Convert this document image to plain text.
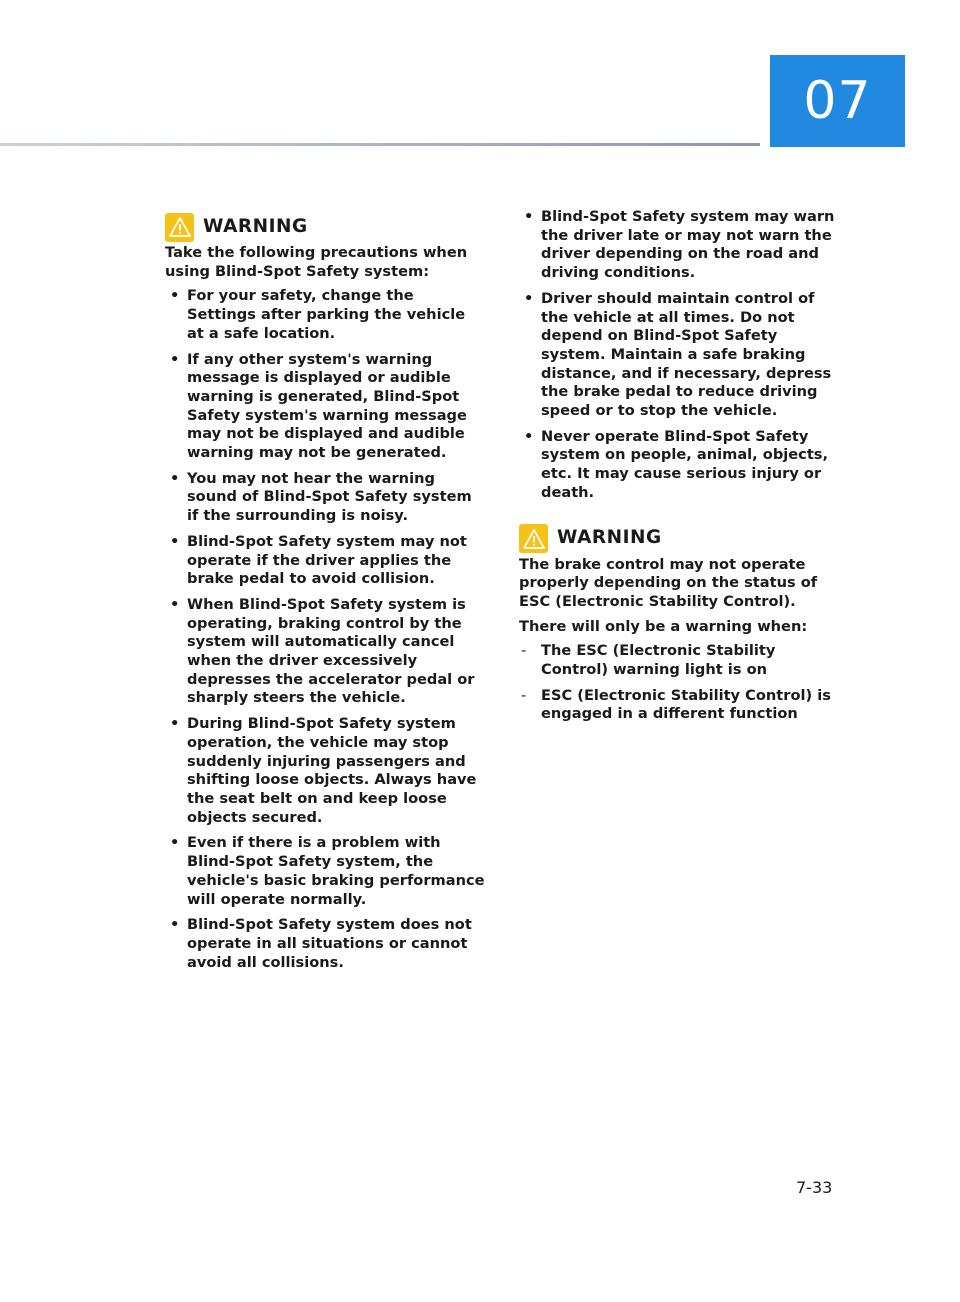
07
WARNING

Take the following precautions when using Blind-Spot Safety system:

• For your safety, change the Settings after parking the vehicle at a safe location.
• If any other system's warning message is displayed or audible warning is generated, Blind-Spot Safety system's warning message may not be displayed and audible warning may not be generated.
• You may not hear the warning sound of Blind-Spot Safety system if the surrounding is noisy.
• Blind-Spot Safety system may not operate if the driver applies the brake pedal to avoid collision.
• When Blind-Spot Safety system is operating, braking control by the system will automatically cancel when the driver excessively depresses the accelerator pedal or sharply steers the vehicle.
• During Blind-Spot Safety system operation, the vehicle may stop suddenly injuring passengers and shifting loose objects. Always have the seat belt on and keep loose objects secured.
• Even if there is a problem with Blind-Spot Safety system, the vehicle's basic braking performance will operate normally.
• Blind-Spot Safety system does not operate in all situations or cannot avoid all collisions.
• Blind-Spot Safety system may warn the driver late or may not warn the driver depending on the road and driving conditions.
• Driver should maintain control of the vehicle at all times. Do not depend on Blind-Spot Safety system. Maintain a safe braking distance, and if necessary, depress the brake pedal to reduce driving speed or to stop the vehicle.
• Never operate Blind-Spot Safety system on people, animal, objects, etc. It may cause serious injury or death.
WARNING

The brake control may not operate properly depending on the status of ESC (Electronic Stability Control).

There will only be a warning when:

- The ESC (Electronic Stability Control) warning light is on
- ESC (Electronic Stability Control) is engaged in a different function
7-33
